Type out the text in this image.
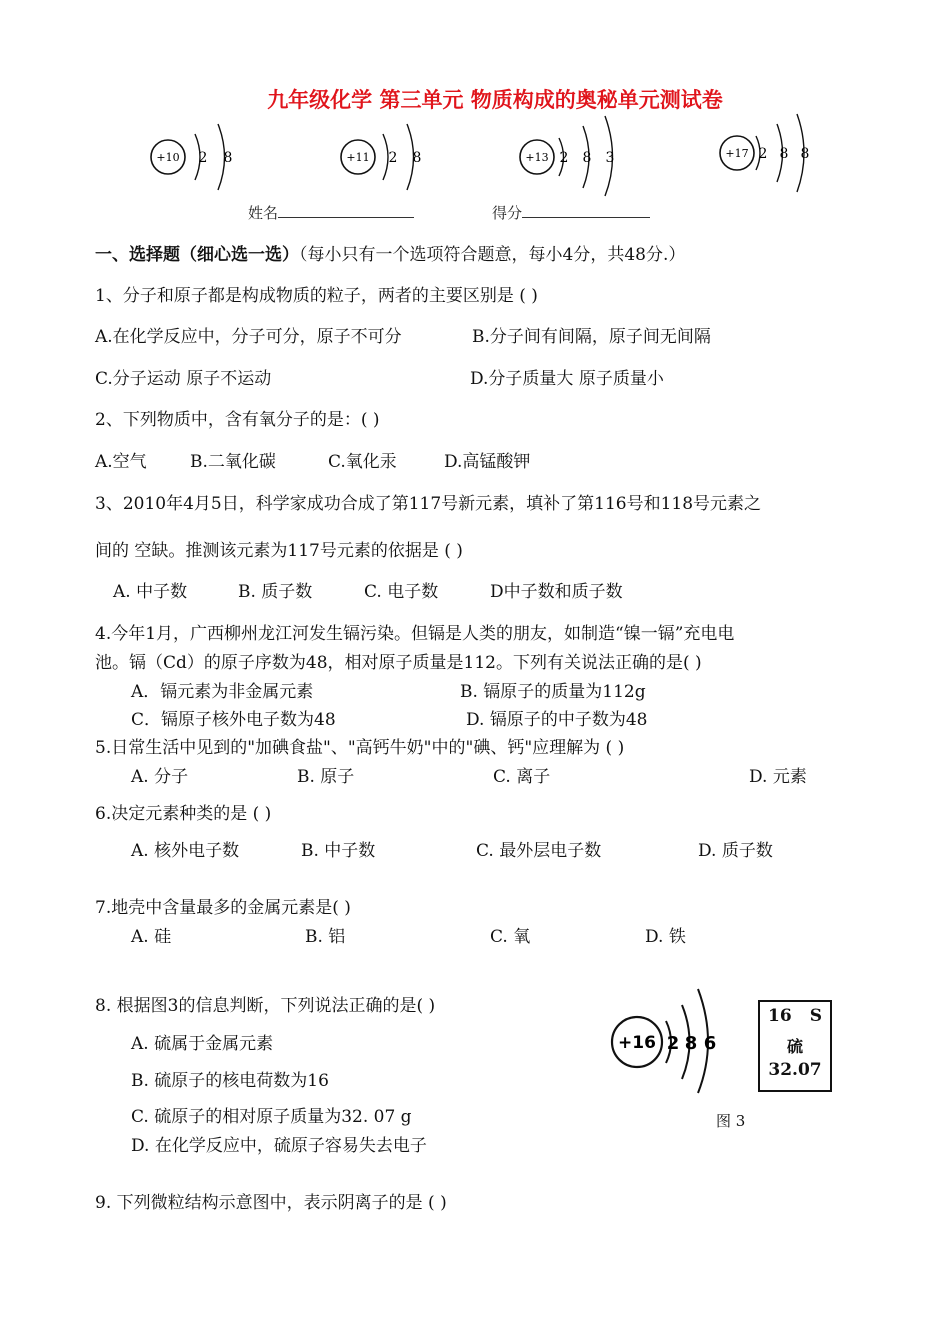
九年级化学 第三单元 物质构成的奥秘单元测试卷
+10 2 8	+11 2 8	+13 2 8 3	+17 2 8 8
姓名	得分
一、选择题（细心选一选）（每小只有一个选项符合题意，每小4分，共48分.）
1、分子和原子都是构成物质的粒子，两者的主要区别是 ( )
A.在化学反应中，分子可分，原子不可分	B.分子间有间隔，原子间无间隔
C.分子运动 原子不运动	D.分子质量大 原子质量小
2、下列物质中，含有氧分子的是：( )
A.空气	B.二氧化碳	C.氧化汞	D.高锰酸钾
3、2010年4月5日，科学家成功合成了第117号新元素，填补了第116号和118号元素之
间的 空缺。推测该元素为117号元素的依据是 ( )
A. 中子数	B. 质子数	C. 电子数	D中子数和质子数
4.今年1月，广西柳州龙江河发生镉污染。但镉是人类的朋友，如制造“镍一镉”充电电
池。镉（Cd）的原子序数为48，相对原子质量是112。下列有关说法正确的是( )
A．镉元素为非金属元素	B. 镉原子的质量为112g
C．镉原子核外电子数为48	D. 镉原子的中子数为48
5.日常生活中见到的"加碘食盐"、"高钙牛奶"中的"碘、钙"应理解为 ( )
A. 分子	B. 原子	C. 离子	D. 元素
6.决定元素种类的是 ( )
A. 核外电子数	B. 中子数	C. 最外层电子数	D. 质子数
7.地壳中含量最多的金属元素是( )
A. 硅	B. 铝	C. 氧	D. 铁
8. 根据图3的信息判断，下列说法正确的是( )
A. 硫属于金属元素
B. 硫原子的核电荷数为16
C. 硫原子的相对原子质量为32. 07 g
D. 在化学反应中，硫原子容易失去电子
+16 2 8 6
16 S
硫
32.07
图 3
9. 下列微粒结构示意图中，表示阴离子的是 ( )
